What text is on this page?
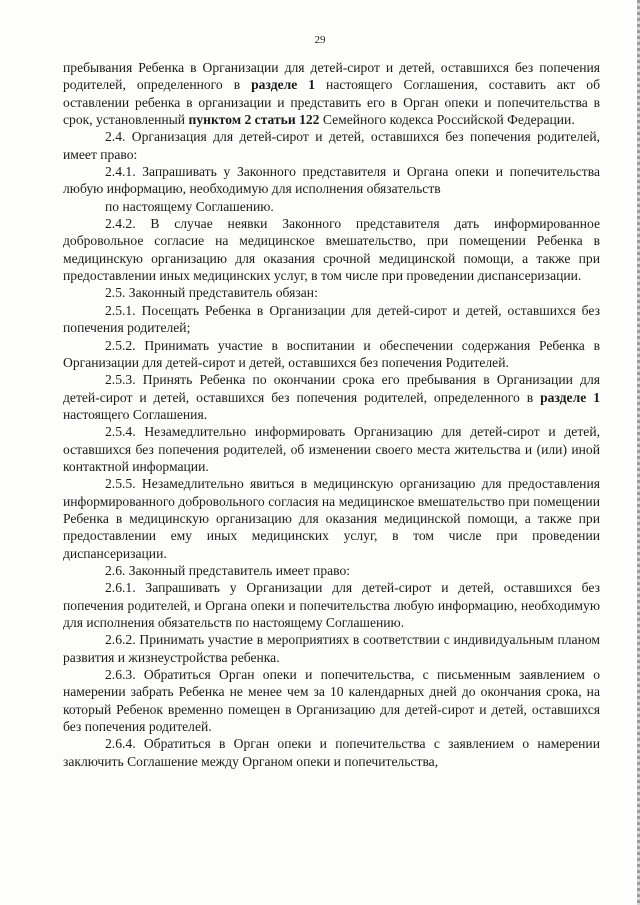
29

пребывания Ребенка в Организации для детей-сирот и детей, оставшихся без попечения родителей, определенного в разделе 1 настоящего Соглашения, составить акт об оставлении ребенка в организации и представить его в Орган опеки и попечительства в срок, установленный пунктом 2 статьи 122 Семейного кодекса Российской Федерации.

2.4. Организация для детей-сирот и детей, оставшихся без попечения родителей, имеет право:

2.4.1. Запрашивать у Законного представителя и Органа опеки и попечительства любую информацию, необходимую для исполнения обязательств

по настоящему Соглашению.

2.4.2. В случае неявки Законного представителя дать информированное добровольное согласие на медицинское вмешательство, при помещении Ребенка в медицинскую организацию для оказания срочной медицинской помощи, а также при предоставлении иных медицинских услуг, в том числе при проведении диспансеризации.

2.5. Законный представитель обязан:

2.5.1. Посещать Ребенка в Организации для детей-сирот и детей, оставшихся без попечения родителей;

2.5.2. Принимать участие в воспитании и обеспечении содержания Ребенка в Организации для детей-сирот и детей, оставшихся без попечения Родителей.

2.5.3. Принять Ребенка по окончании срока его пребывания в Организации для детей-сирот и детей, оставшихся без попечения родителей, определенного в разделе 1 настоящего Соглашения.

2.5.4. Незамедлительно информировать Организацию для детей-сирот и детей, оставшихся без попечения родителей, об изменении своего места жительства и (или) иной контактной информации.

2.5.5. Незамедлительно явиться в медицинскую организацию для предоставления информированного добровольного согласия на медицинское вмешательство при помещении Ребенка в медицинскую организацию для оказания медицинской помощи, а также при предоставлении ему иных медицинских услуг, в том числе при проведении диспансеризации.

2.6. Законный представитель имеет право:

2.6.1. Запрашивать у Организации для детей-сирот и детей, оставшихся без попечения родителей, и Органа опеки и попечительства любую информацию, необходимую для исполнения обязательств по настоящему Соглашению.

2.6.2. Принимать участие в мероприятиях в соответствии с индивидуальным планом развития и жизнеустройства ребенка.

2.6.3. Обратиться Орган опеки и попечительства, с письменным заявлением о намерении забрать Ребенка не менее чем за 10 календарных дней до окончания срока, на который Ребенок временно помещен в Организацию для детей-сирот и детей, оставшихся без попечения родителей.

2.6.4. Обратиться в Орган опеки и попечительства с заявлением о намерении заключить Соглашение между Органом опеки и попечительства,
